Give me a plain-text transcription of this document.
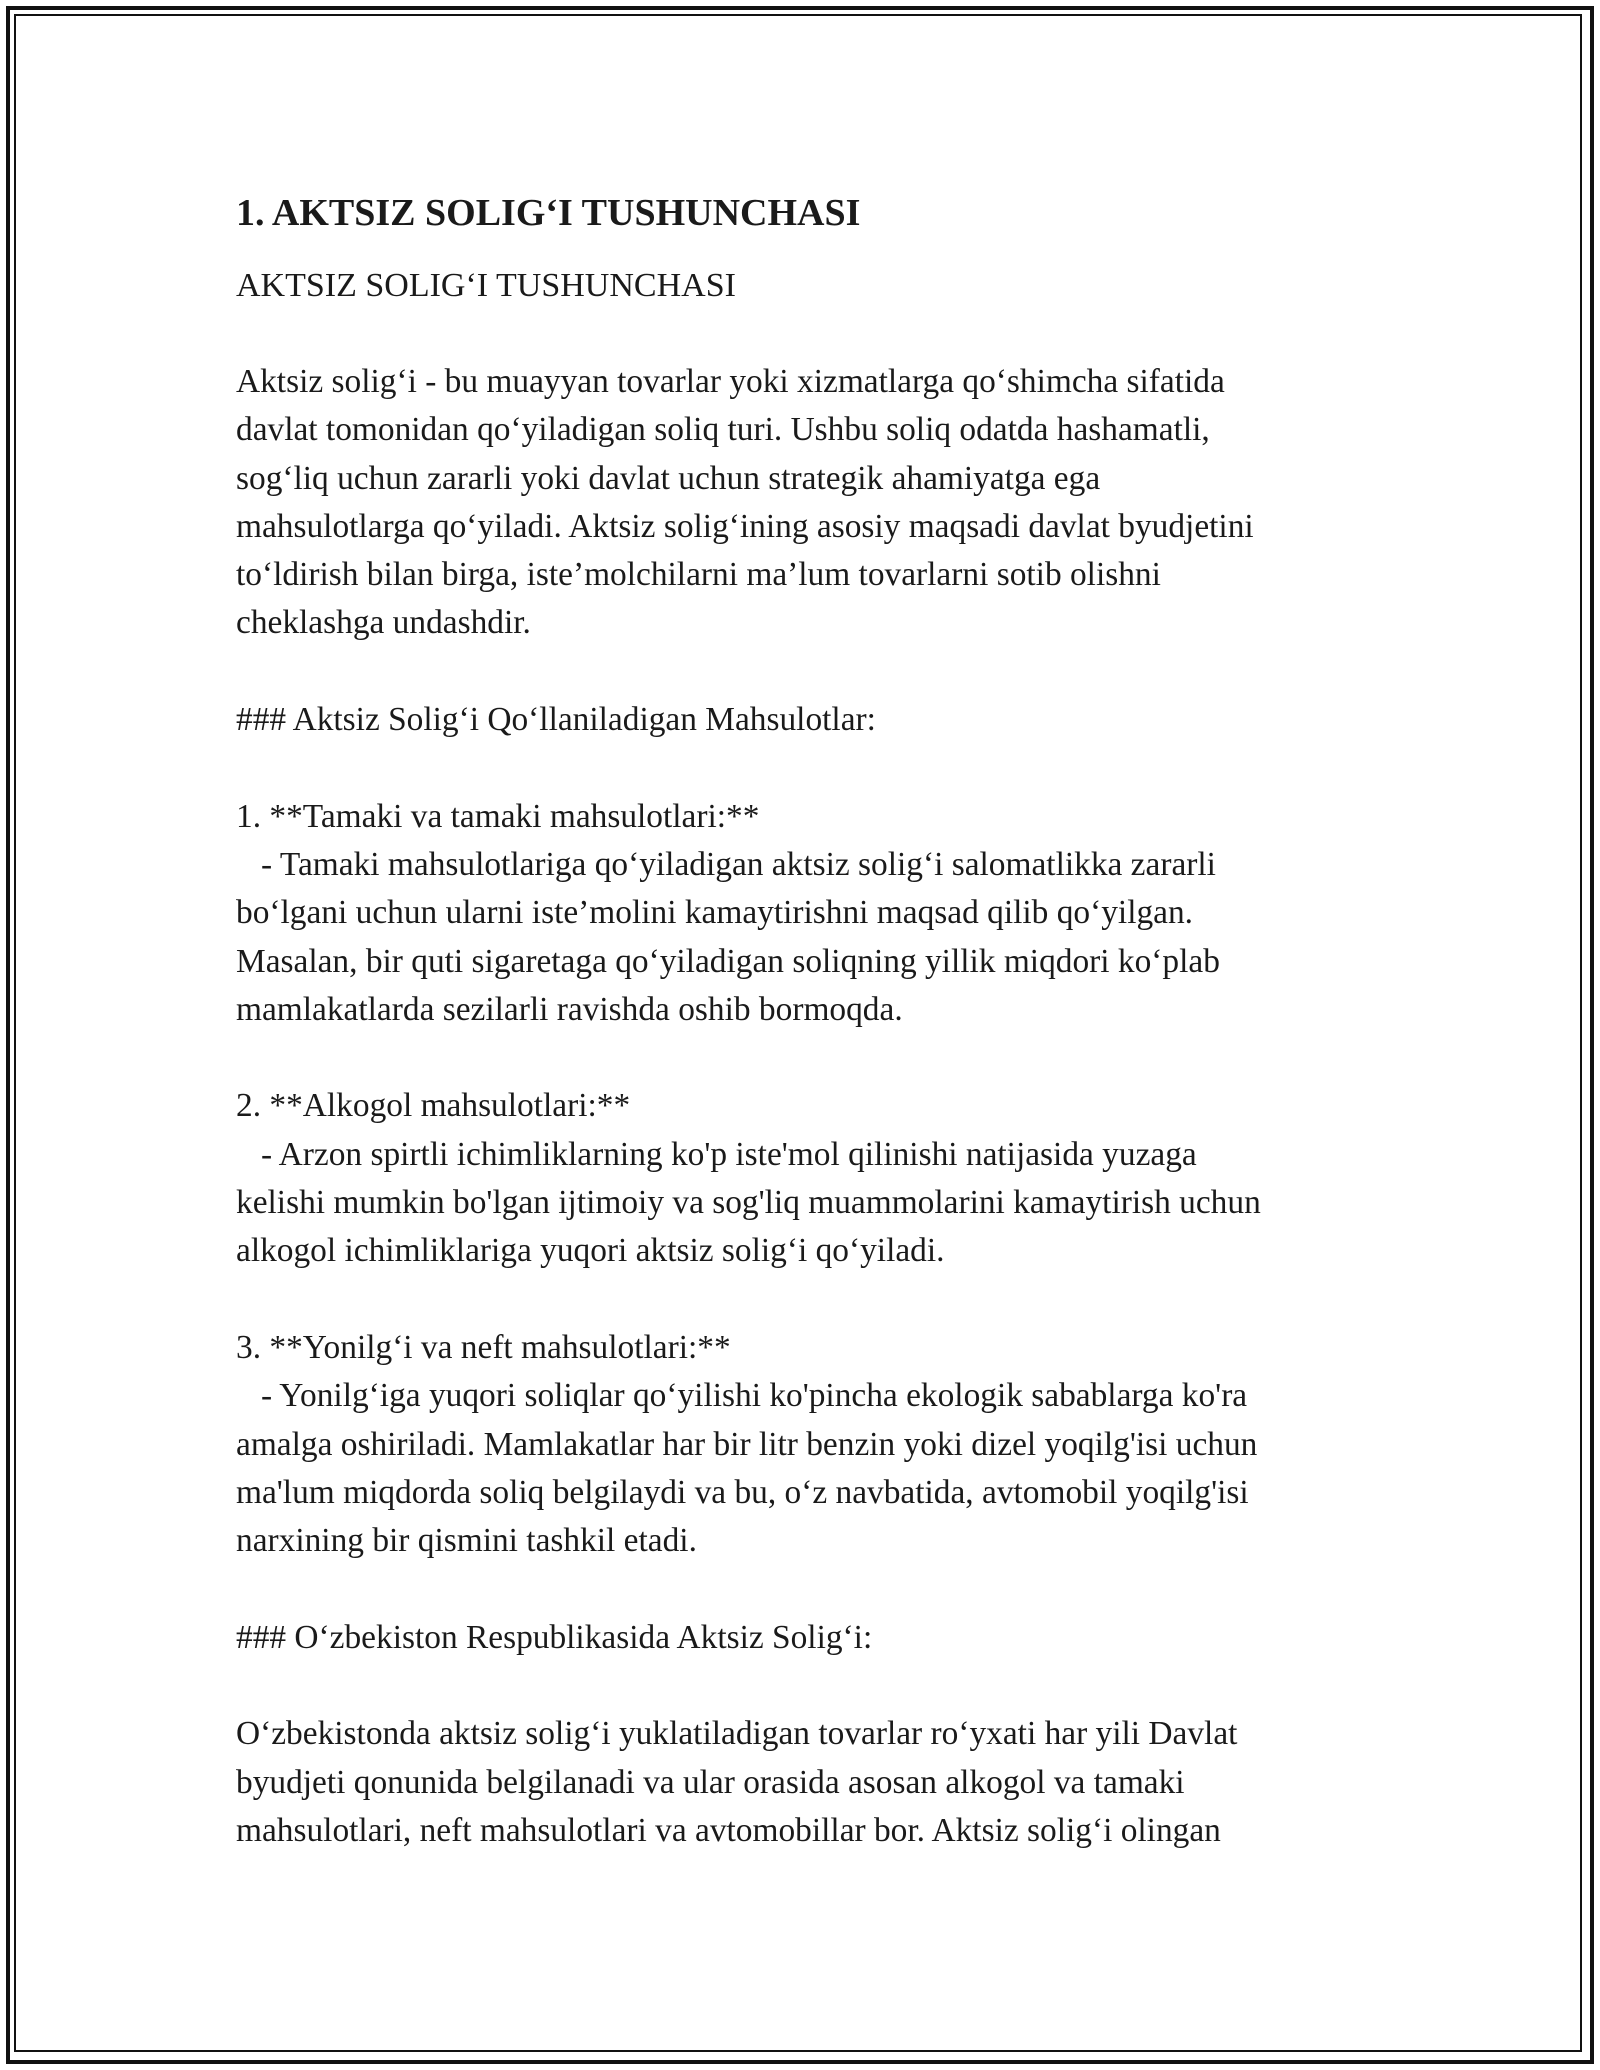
1. AKTSIZ SOLIG‘I TUSHUNCHASI

AKTSIZ SOLIG‘I TUSHUNCHASI

Aktsiz solig‘i - bu muayyan tovarlar yoki xizmatlarga qo‘shimcha sifatida
davlat tomonidan qo‘yiladigan soliq turi. Ushbu soliq odatda hashamatli,
sog‘liq uchun zararli yoki davlat uchun strategik ahamiyatga ega
mahsulotlarga qo‘yiladi. Aktsiz solig‘ining asosiy maqsadi davlat byudjetini
to‘ldirish bilan birga, iste’molchilarni ma’lum tovarlarni sotib olishni
cheklashga undashdir.

### Aktsiz Solig‘i Qo‘llaniladigan Mahsulotlar:

1. **Tamaki va tamaki mahsulotlari:**

- Tamaki mahsulotlariga qo‘yiladigan aktsiz solig‘i salomatlikka zararli
bo‘lgani uchun ularni iste’molini kamaytirishni maqsad qilib qo‘yilgan.
Masalan, bir quti sigaretaga qo‘yiladigan soliqning yillik miqdori ko‘plab
mamlakatlarda sezilarli ravishda oshib bormoqda.

2. **Alkogol mahsulotlari:**

- Arzon spirtli ichimliklarning ko'p iste'mol qilinishi natijasida yuzaga
kelishi mumkin bo'lgan ijtimoiy va sog'liq muammolarini kamaytirish uchun
alkogol ichimliklariga yuqori aktsiz solig‘i qo‘yiladi.

3. **Yonilg‘i va neft mahsulotlari:**

- Yonilg‘iga yuqori soliqlar qo‘yilishi ko'pincha ekologik sabablarga ko'ra
amalga oshiriladi. Mamlakatlar har bir litr benzin yoki dizel yoqilg'isi uchun
ma'lum miqdorda soliq belgilaydi va bu, o‘z navbatida, avtomobil yoqilg'isi
narxining bir qismini tashkil etadi.

### O‘zbekiston Respublikasida Aktsiz Solig‘i:

O‘zbekistonda aktsiz solig‘i yuklatiladigan tovarlar ro‘yxati har yili Davlat
byudjeti qonunida belgilanadi va ular orasida asosan alkogol va tamaki
mahsulotlari, neft mahsulotlari va avtomobillar bor. Aktsiz solig‘i olingan
